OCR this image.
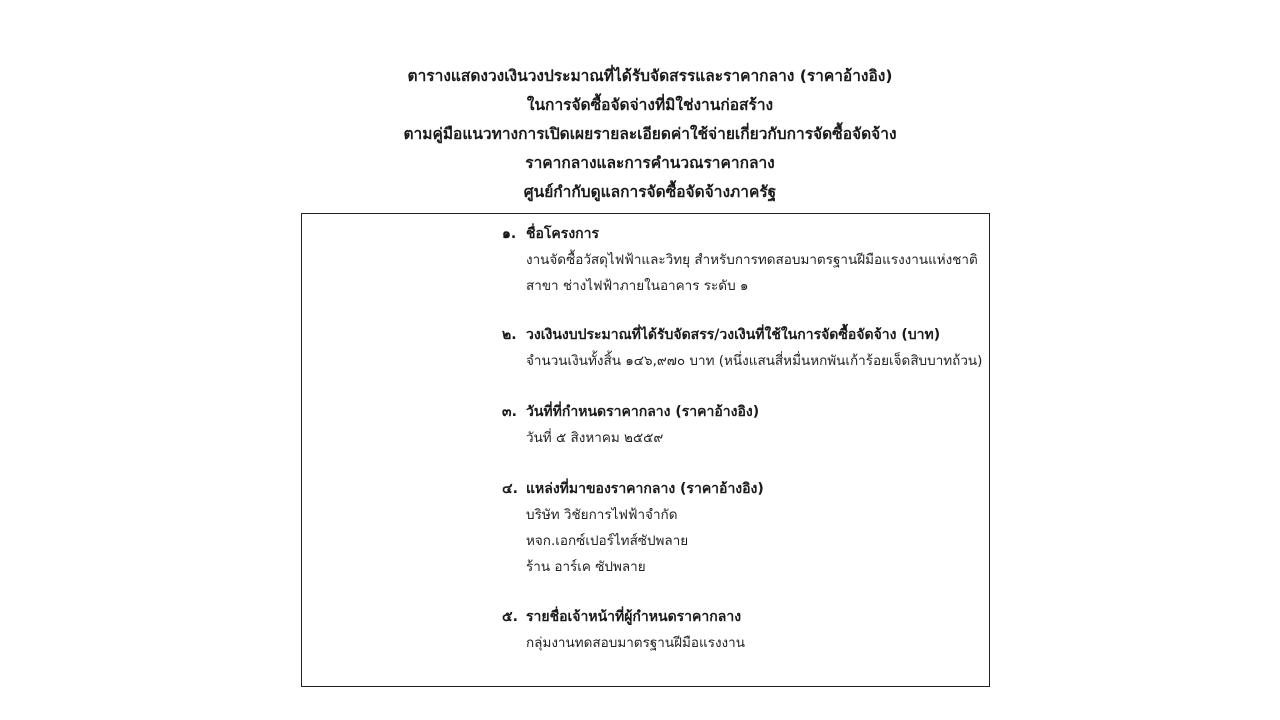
ตารางแสดงวงเงินวงประมาณที่ได้รับจัดสรรและราคากลาง (ราคาอ้างอิง)
ในการจัดซื้อจัดจ่างที่มิใช่งานก่อสร้าง
ตามคู่มือแนวทางการเปิดเผยรายละเอียดค่าใช้จ่ายเกี่ยวกับการจัดซื้อจัดจ้าง
ราคากลางและการคำนวณราคากลาง
ศูนย์กำกับดูแลการจัดซื้อจัดจ้างภาครัฐ
๑. ชื่อโครงการ
งานจัดซื้อวัสดุไฟฟ้าและวิทยุ สำหรับการทดสอบมาตรฐานฝีมือแรงงานแห่งชาติ
สาขา ช่างไฟฟ้าภายในอาคาร ระดับ ๑
๒. วงเงินงบประมาณที่ได้รับจัดสรร/วงเงินที่ใช้ในการจัดซื้อจัดจ้าง (บาท)
จำนวนเงินทั้งสิ้น ๑๔๖,๙๗๐ บาท (หนึ่งแสนสี่หมื่นหกพันเก้าร้อยเจ็ดสิบบาทถ้วน)
๓. วันที่ที่กำหนดราคากลาง (ราคาอ้างอิง)
วันที่ ๕ สิงหาคม ๒๕๕๙
๔. แหล่งที่มาของราคากลาง (ราคาอ้างอิง)
บริษัท วิชัยการไฟฟ้าจำกัด
หจก.เอกซ์เปอร์ไทส์ซัปพลาย
ร้าน อาร์เค ซัปพลาย
๕. รายชื่อเจ้าหน้าที่ผู้กำหนดราคากลาง
กลุ่มงานทดสอบมาตรฐานฝีมือแรงงาน
